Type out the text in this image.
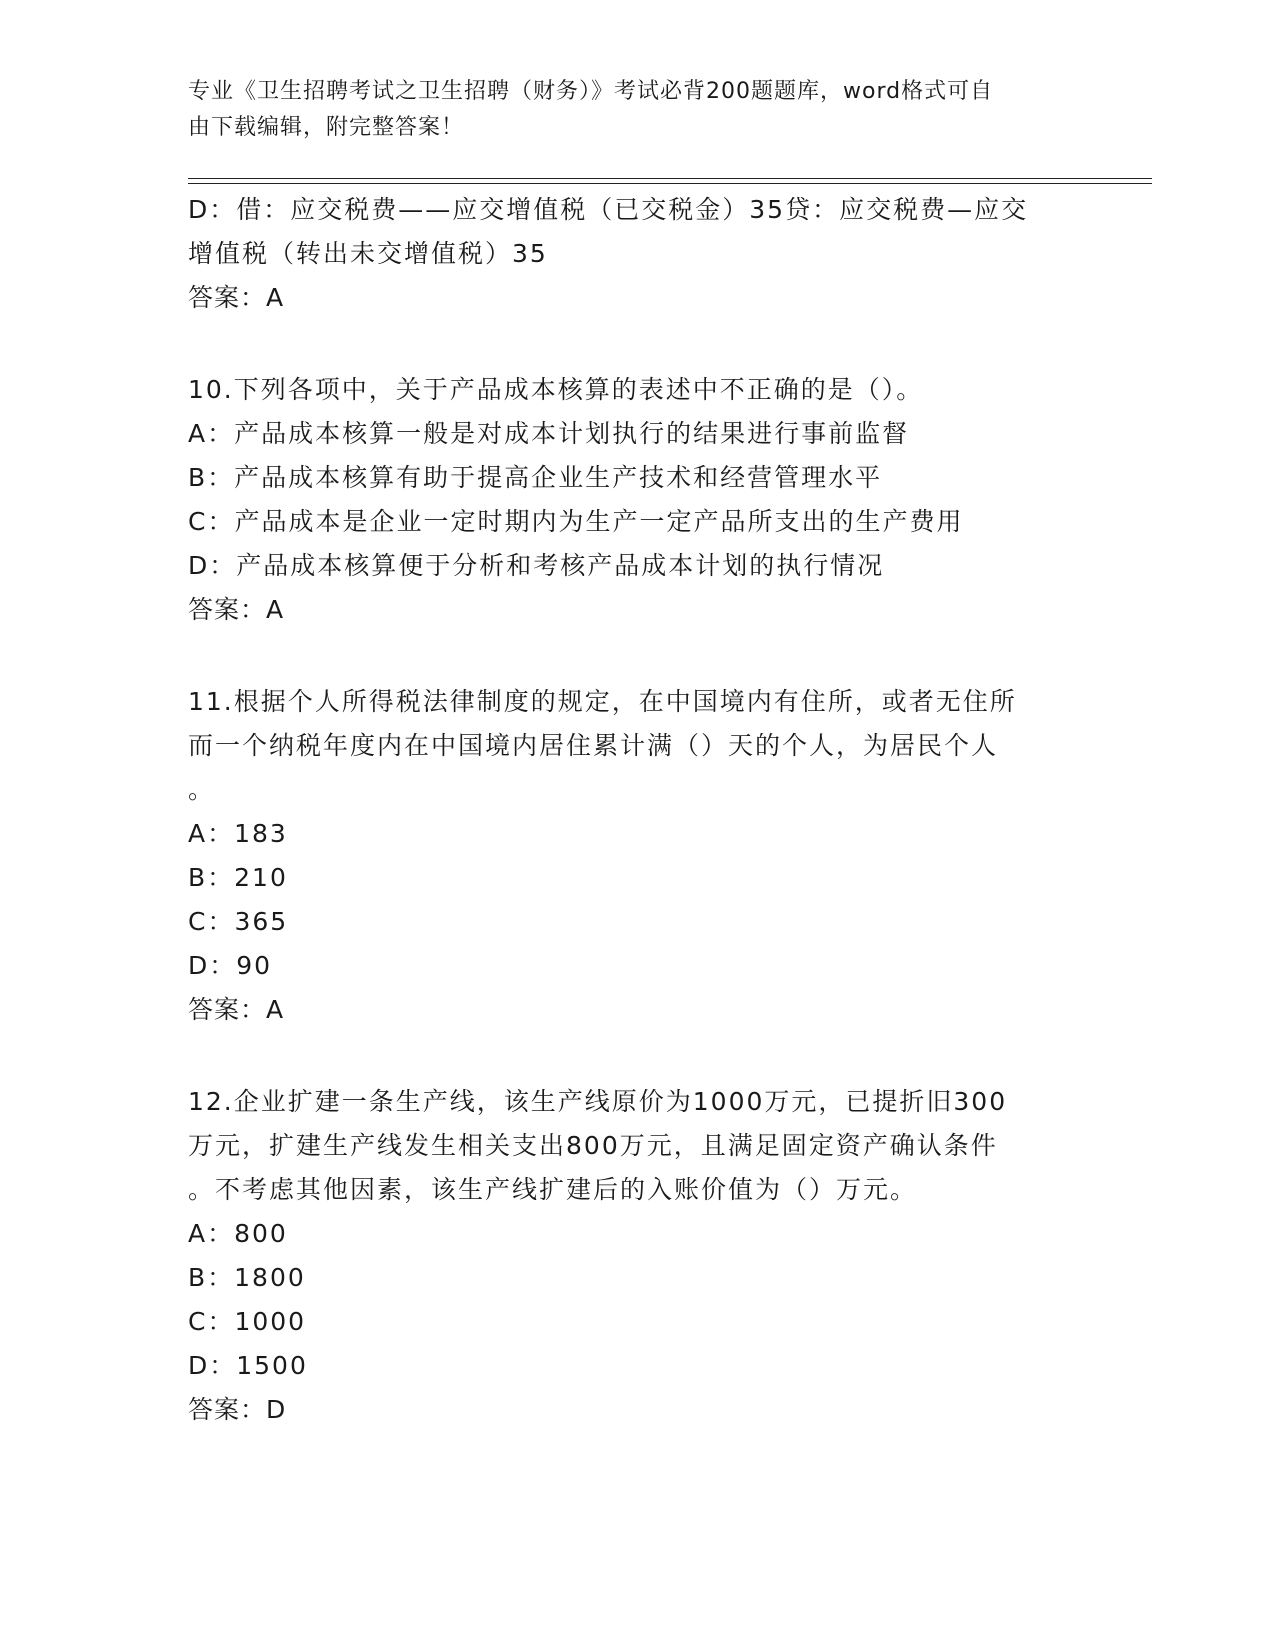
专业《卫生招聘考试之卫生招聘（财务）》考试必背200题题库，word格式可自
由下载编辑，附完整答案！
D：借：应交税费——应交增值税（已交税金）35贷：应交税费—应交
增值税（转出未交增值税）35
答案：A
10.下列各项中，关于产品成本核算的表述中不正确的是（）。
A：产品成本核算一般是对成本计划执行的结果进行事前监督
B：产品成本核算有助于提高企业生产技术和经营管理水平
C：产品成本是企业一定时期内为生产一定产品所支出的生产费用
D：产品成本核算便于分析和考核产品成本计划的执行情况
答案：A
11.根据个人所得税法律制度的规定，在中国境内有住所，或者无住所
而一个纳税年度内在中国境内居住累计满（）天的个人，为居民个人
。
A：183
B：210
C：365
D：90
答案：A
12.企业扩建一条生产线，该生产线原价为1000万元，已提折旧300
万元，扩建生产线发生相关支出800万元，且满足固定资产确认条件
。不考虑其他因素，该生产线扩建后的入账价值为（）万元。
A：800
B：1800
C：1000
D：1500
答案：D
